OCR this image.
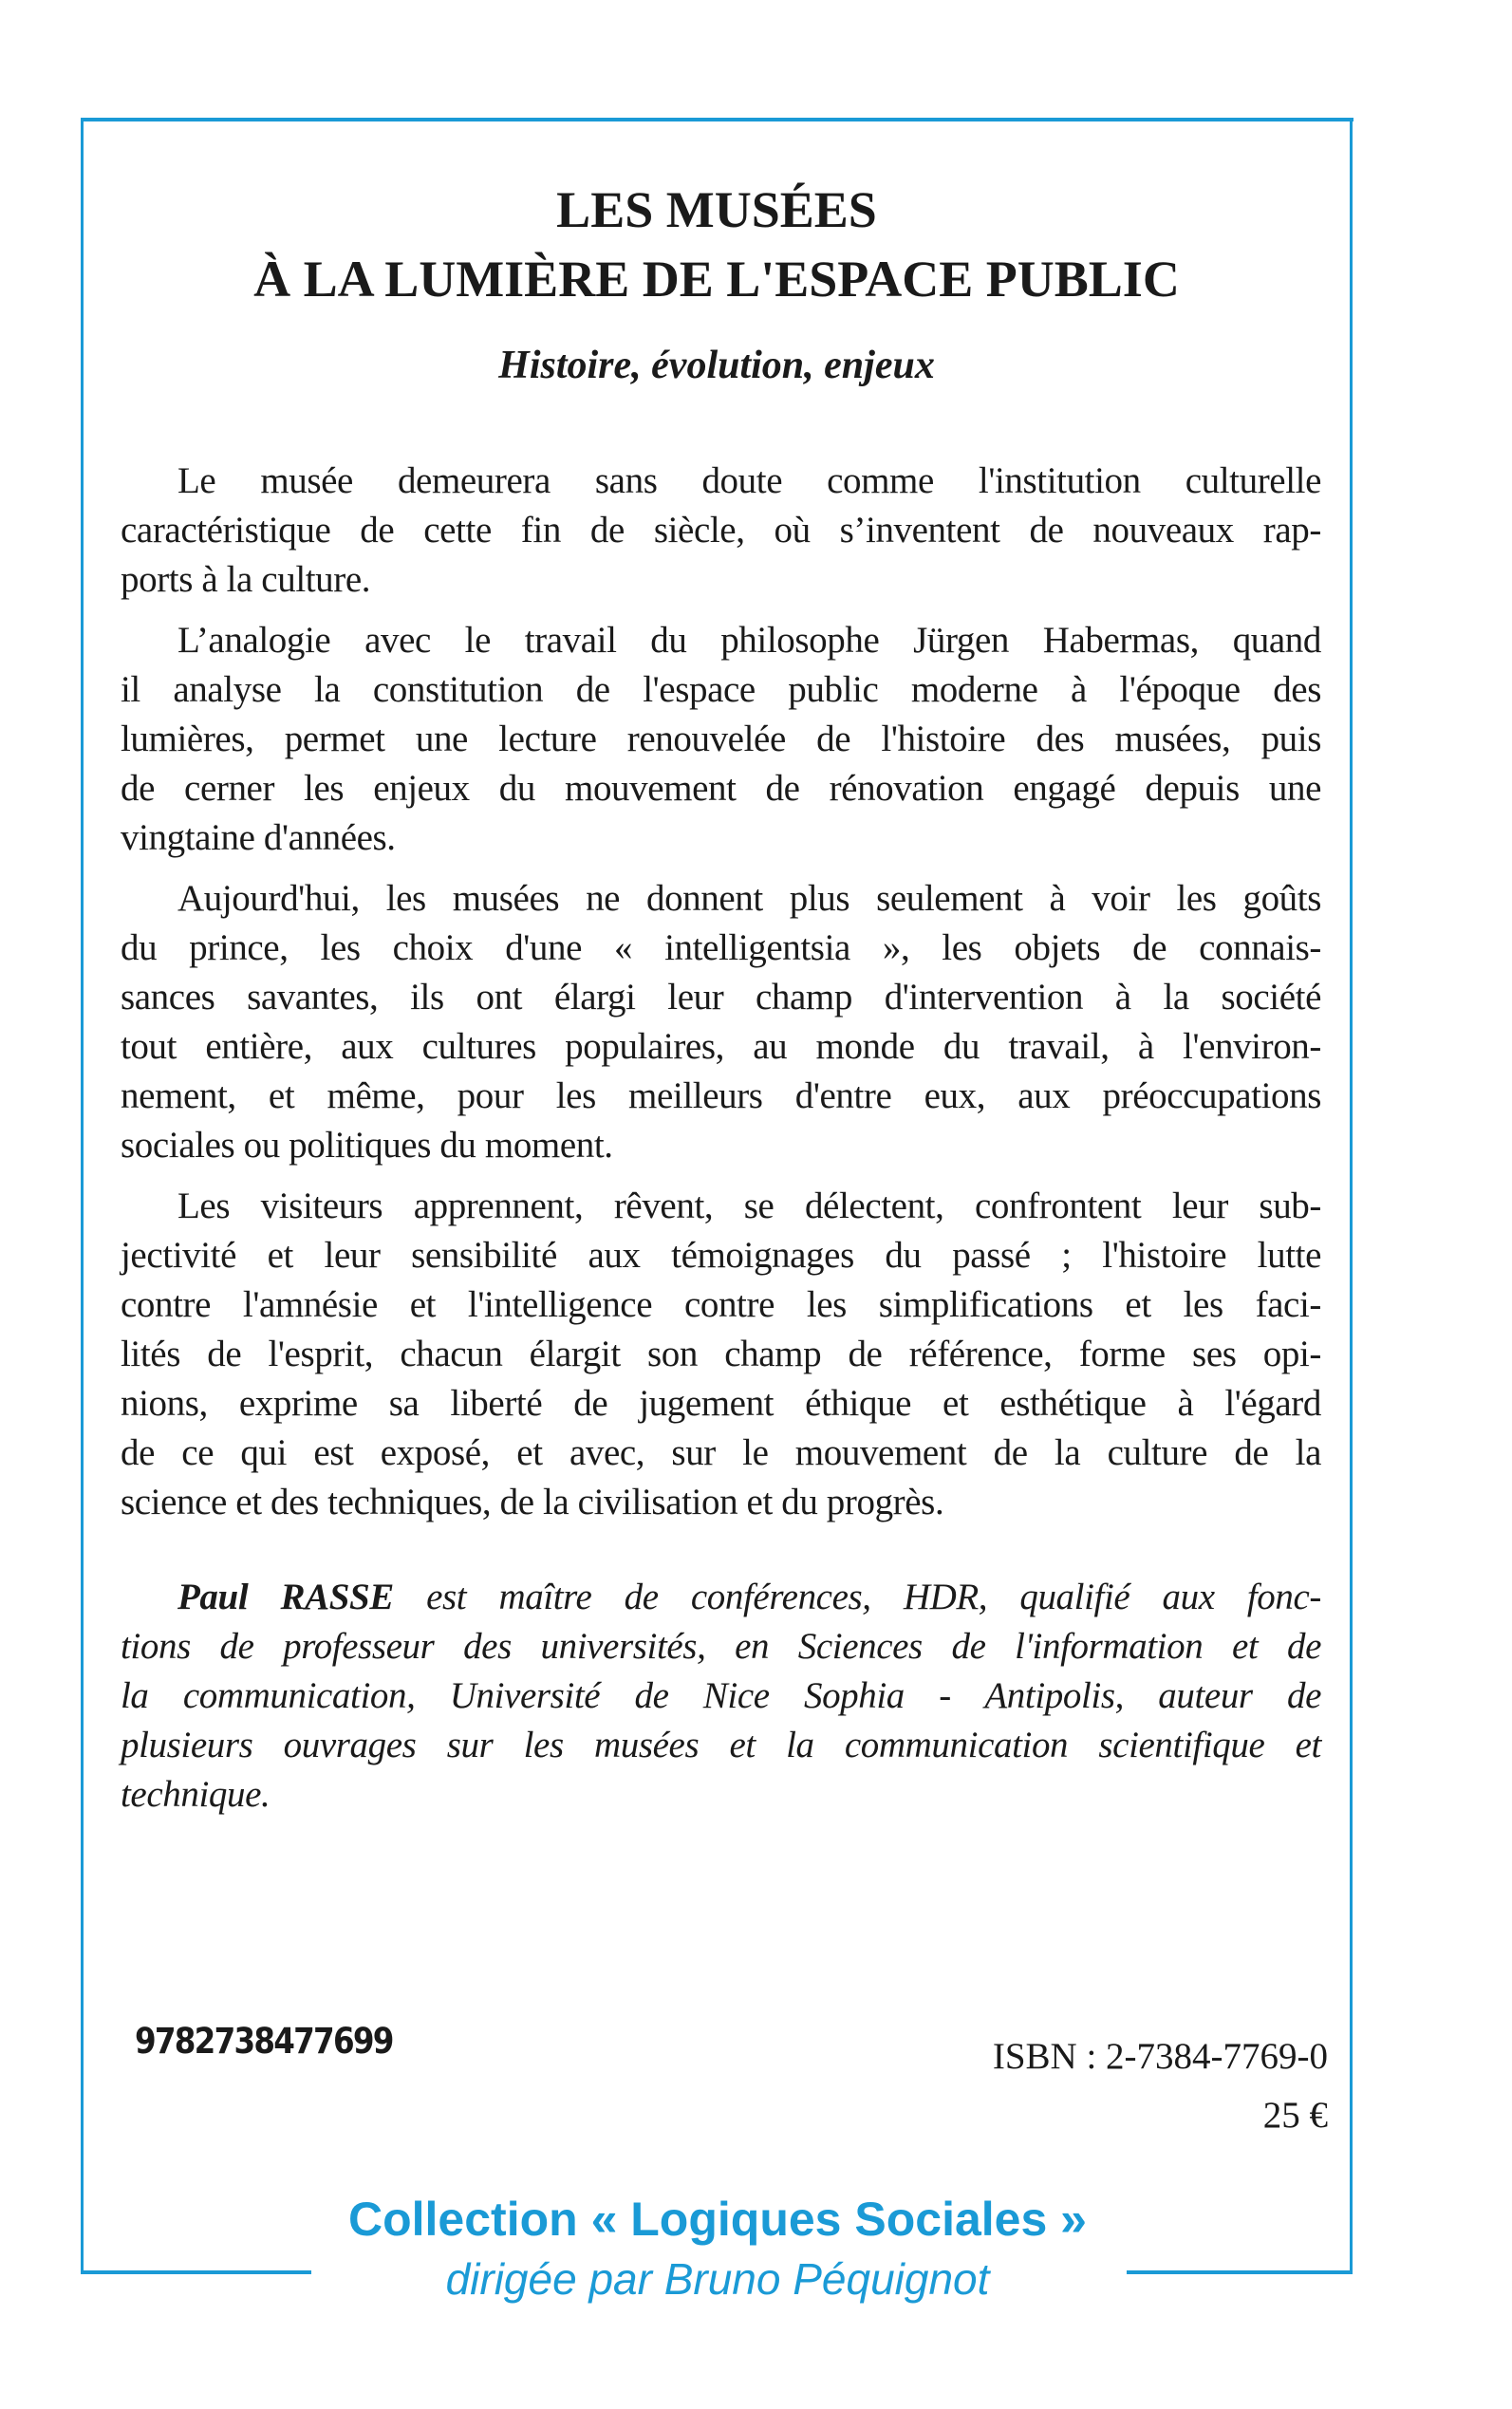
LES MUSÉES
À LA LUMIÈRE DE L'ESPACE PUBLIC
Histoire, évolution, enjeux
Le musée demeurera sans doute comme l'institution culturelle
caractéristique de cette fin de siècle, où s’inventent de nouveaux rap-
ports à la culture.
L’analogie avec le travail du philosophe Jürgen Habermas, quand
il analyse la constitution de l'espace public moderne à l'époque des
lumières, permet une lecture renouvelée de l'histoire des musées, puis
de cerner les enjeux du mouvement de rénovation engagé depuis une
vingtaine d'années.
Aujourd'hui, les musées ne donnent plus seulement à voir les goûts
du prince, les choix d'une « intelligentsia », les objets de connais-
sances savantes, ils ont élargi leur champ d'intervention à la société
tout entière, aux cultures populaires, au monde du travail, à l'environ-
nement, et même, pour les meilleurs d'entre eux, aux préoccupations
sociales ou politiques du moment.
Les visiteurs apprennent, rêvent, se délectent, confrontent leur sub-
jectivité et leur sensibilité aux témoignages du passé ; l'histoire lutte
contre l'amnésie et l'intelligence contre les simplifications et les faci-
lités de l'esprit, chacun élargit son champ de référence, forme ses opi-
nions, exprime sa liberté de jugement éthique et esthétique à l'égard
de ce qui est exposé, et avec, sur le mouvement de la culture de la
science et des techniques, de la civilisation et du progrès.
Paul RASSE est maître de conférences, HDR, qualifié aux fonc-
tions de professeur des universités, en Sciences de l'information et de
la communication, Université de Nice Sophia - Antipolis, auteur de
plusieurs ouvrages sur les musées et la communication scientifique et
technique.
9782738477699	ISBN : 2-7384-7769-0
25 €
Collection « Logiques Sociales »
dirigée par Bruno Péquignot
